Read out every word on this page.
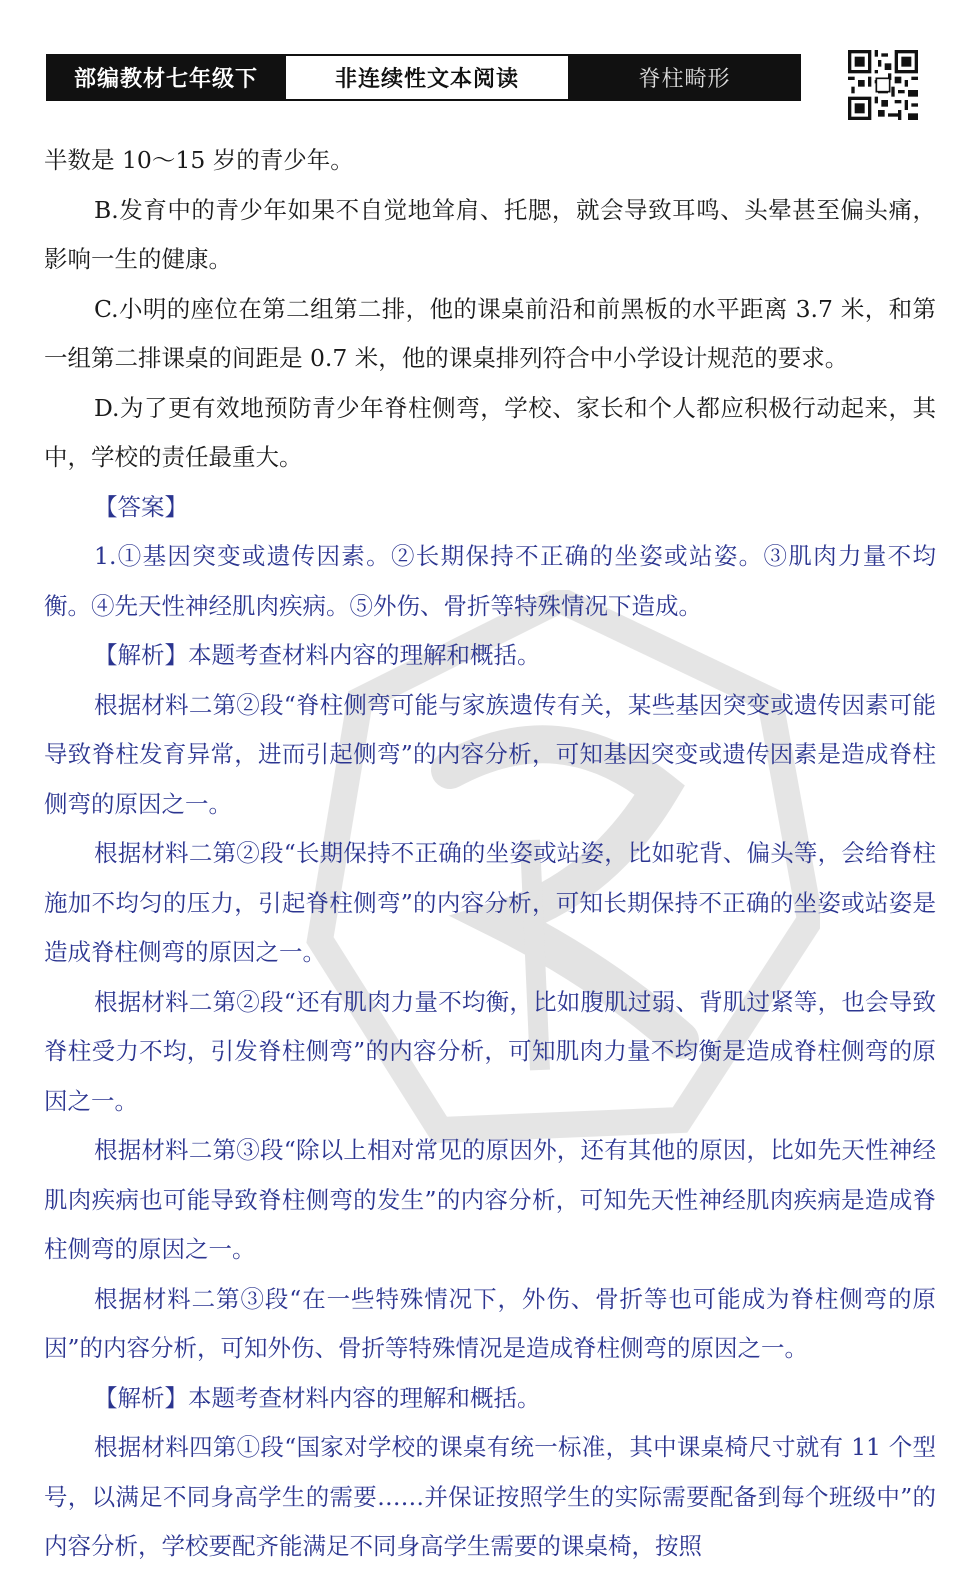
部编教材七年级下	非连续性文本阅读	脊柱畸形

半数是 10～15 岁的青少年。

B.发育中的青少年如果不自觉地耸肩、托腮，就会导致耳鸣、头晕甚至偏头痛，影响一生的健康。

C.小明的座位在第二组第二排，他的课桌前沿和前黑板的水平距离 3.7 米，和第一组第二排课桌的间距是 0.7 米，他的课桌排列符合中小学设计规范的要求。

D.为了更有效地预防青少年脊柱侧弯，学校、家长和个人都应积极行动起来，其中，学校的责任最重大。

【答案】

1.①基因突变或遗传因素。②长期保持不正确的坐姿或站姿。③肌肉力量不均衡。④先天性神经肌肉疾病。⑤外伤、骨折等特殊情况下造成。

【解析】本题考查材料内容的理解和概括。

根据材料二第②段“脊柱侧弯可能与家族遗传有关，某些基因突变或遗传因素可能导致脊柱发育异常，进而引起侧弯”的内容分析，可知基因突变或遗传因素是造成脊柱侧弯的原因之一。

根据材料二第②段“长期保持不正确的坐姿或站姿，比如驼背、偏头等，会给脊柱施加不均匀的压力，引起脊柱侧弯”的内容分析，可知长期保持不正确的坐姿或站姿是造成脊柱侧弯的原因之一。

根据材料二第②段“还有肌肉力量不均衡，比如腹肌过弱、背肌过紧等，也会导致脊柱受力不均，引发脊柱侧弯”的内容分析，可知肌肉力量不均衡是造成脊柱侧弯的原因之一。

根据材料二第③段“除以上相对常见的原因外，还有其他的原因，比如先天性神经肌肉疾病也可能导致脊柱侧弯的发生”的内容分析，可知先天性神经肌肉疾病是造成脊柱侧弯的原因之一。

根据材料二第③段“在一些特殊情况下，外伤、骨折等也可能成为脊柱侧弯的原因”的内容分析，可知外伤、骨折等特殊情况是造成脊柱侧弯的原因之一。

【解析】本题考查材料内容的理解和概括。

根据材料四第①段“国家对学校的课桌有统一标准，其中课桌椅尺寸就有 11 个型号，以满足不同身高学生的需要……并保证按照学生的实际需要配备到每个班级中”的内容分析，学校要配齐能满足不同身高学生需要的课桌椅，按照
